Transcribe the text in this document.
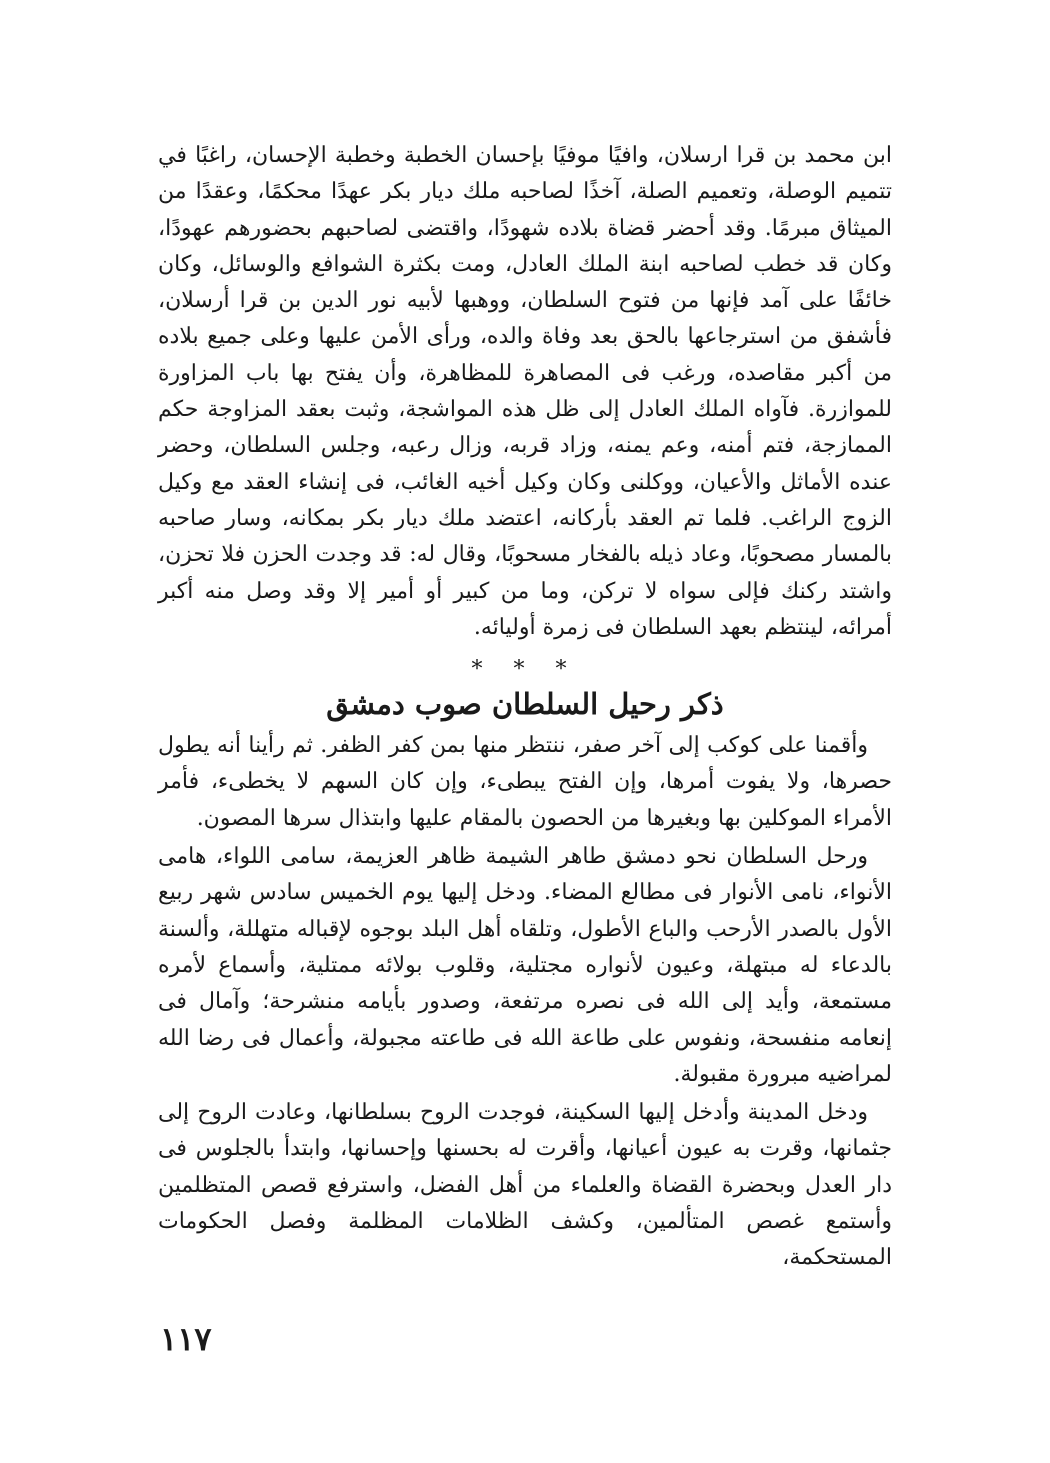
ابن محمد بن قرا ارسلان، وافيًا موفيًا بإحسان الخطبة وخطبة الإحسان، راغبًا في تتميم الوصلة، وتعميم الصلة، آخذًا لصاحبه ملك ديار بكر عهدًا محكمًا، وعقدًا من الميثاق مبرمًا. وقد أحضر قضاة بلاده شهودًا، واقتضى لصاحبهم بحضورهم عهودًا، وكان قد خطب لصاحبه ابنة الملك العادل، ومت بكثرة الشوافع والوسائل، وكان خائفًا على آمد فإنها من فتوح السلطان، ووهبها لأبيه نور الدين بن قرا أرسلان، فأشفق من استرجاعها بالحق بعد وفاة والده، ورأى الأمن عليها وعلى جميع بلاده من أكبر مقاصده، ورغب فى المصاهرة للمظاهرة، وأن يفتح بها باب المزاورة للموازرة. فآواه الملك العادل إلى ظل هذه المواشجة، وثبت بعقد المزاوجة حكم الممازجة، فتم أمنه، وعم يمنه، وزاد قربه، وزال رعبه، وجلس السلطان، وحضر عنده الأماثل والأعيان، ووكلنى وكان وكيل أخيه الغائب، فى إنشاء العقد مع وكيل الزوج الراغب. فلما تم العقد بأركانه، اعتضد ملك ديار بكر بمكانه، وسار صاحبه بالمسار مصحوبًا، وعاد ذيله بالفخار مسحوبًا، وقال له: قد وجدت الحزن فلا تحزن، واشتد ركنك فإلى سواه لا تركن، وما من كبير أو أمير إلا وقد وصل منه أكبر أمرائه، لينتظم بعهد السلطان فى زمرة أوليائه.

* * *
ذكر رحيل السلطان صوب دمشق

وأقمنا على كوكب إلى آخر صفر، ننتظر منها بمن كفر الظفر. ثم رأينا أنه يطول حصرها، ولا يفوت أمرها، وإن الفتح يبطىء، وإن كان السهم لا يخطىء، فأمر الأمراء الموكلين بها وبغيرها من الحصون بالمقام عليها وابتذال سرها المصون.

ورحل السلطان نحو دمشق طاهر الشيمة ظاهر العزيمة، سامى اللواء، هامى الأنواء، نامى الأنوار فى مطالع المضاء. ودخل إليها يوم الخميس سادس شهر ربيع الأول بالصدر الأرحب والباع الأطول، وتلقاه أهل البلد بوجوه لإقباله متهللة، وألسنة بالدعاء له مبتهلة، وعيون لأنواره مجتلية، وقلوب بولائه ممتلية، وأسماع لأمره مستمعة، وأيد إلى الله فى نصره مرتفعة، وصدور بأيامه منشرحة؛ وآمال فى إنعامه منفسحة، ونفوس على طاعة الله فى طاعته مجبولة، وأعمال فى رضا الله لمراضيه مبرورة مقبولة.

ودخل المدينة وأدخل إليها السكينة، فوجدت الروح بسلطانها، وعادت الروح إلى جثمانها، وقرت به عيون أعيانها، وأقرت له بحسنها وإحسانها، وابتدأ بالجلوس فى دار العدل وبحضرة القضاة والعلماء من أهل الفضل، واسترفع قصص المتظلمين وأستمع غصص المتألمين، وكشف الظلامات المظلمة وفصل الحكومات المستحكمة،

١١٧
